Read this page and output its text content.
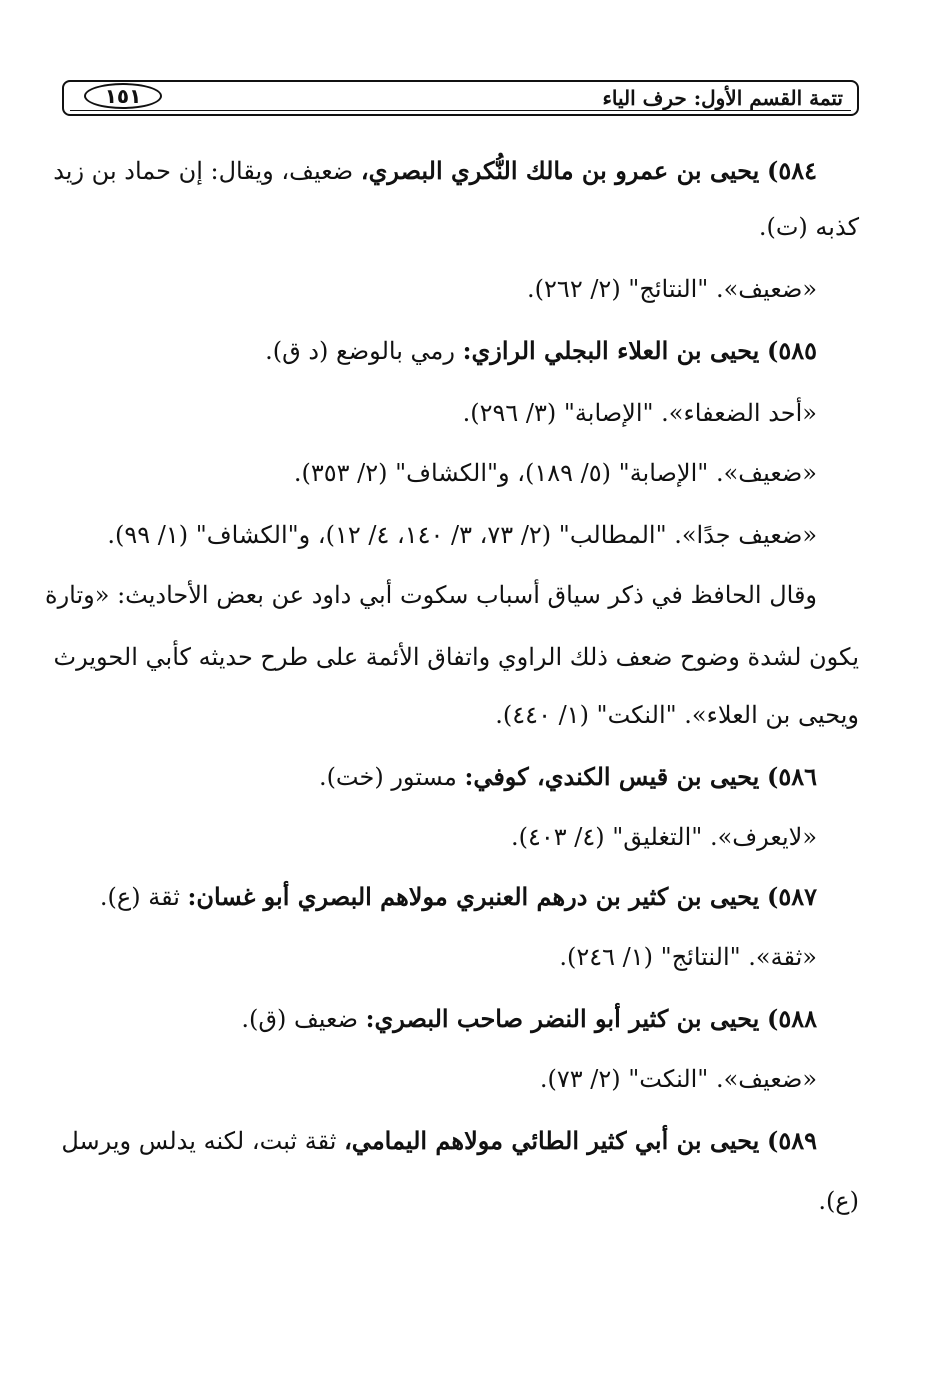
تتمة القسم الأول: حرف الياء
١٥١
٥٨٤) يحيى بن عمرو بن مالك النُّكري البصري، ضعيف، ويقال: إن حماد بن زيد
كذبه (ت).
«ضعيف». "النتائج" (٢/ ٢٦٢).
٥٨٥) يحيى بن العلاء البجلي الرازي: رمي بالوضع (د ق).
«أحد الضعفاء». "الإصابة" (٣/ ٢٩٦).
«ضعيف». "الإصابة" (٥/ ١٨٩)، و"الكشاف" (٢/ ٣٥٣).
«ضعيف جدًا». "المطالب" (٢/ ٧٣، ٣/ ١٤٠، ٤/ ١٢)، و"الكشاف" (١/ ٩٩).
وقال الحافظ في ذكر سياق أسباب سكوت أبي داود عن بعض الأحاديث: «وتارة
يكون لشدة وضوح ضعف ذلك الراوي واتفاق الأئمة على طرح حديثه كأبي الحويرث
ويحيى بن العلاء». "النكت" (١/ ٤٤٠).
٥٨٦) يحيى بن قيس الكندي، كوفي: مستور (خت).
«لايعرف». "التغليق" (٤/ ٤٠٣).
٥٨٧) يحيى بن كثير بن درهم العنبري مولاهم البصري أبو غسان: ثقة (ع).
«ثقة». "النتائج" (١/ ٢٤٦).
٥٨٨) يحيى بن كثير أبو النضر صاحب البصري: ضعيف (ق).
«ضعيف». "النكت" (٢/ ٧٣).
٥٨٩) يحيى بن أبي كثير الطائي مولاهم اليمامي، ثقة ثبت، لكنه يدلس ويرسل
(ع).
